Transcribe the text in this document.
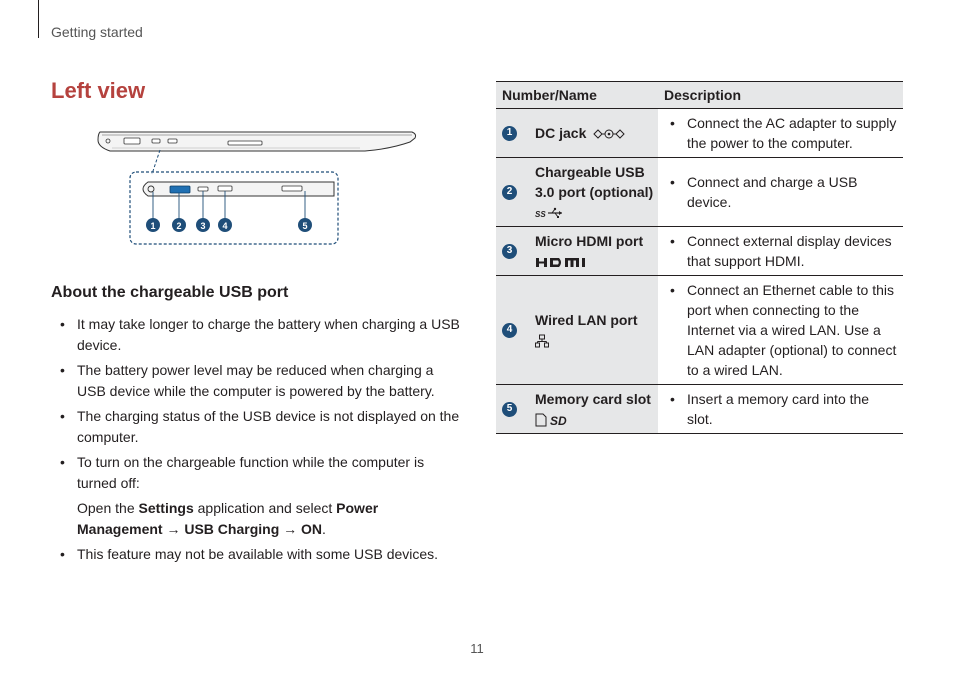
Getting started
Left view
1 2 3 4	5
About the chargeable USB port
• It may take longer to charge the battery when charging a USB device.
• The battery power level may be reduced when charging a USB device while the computer is powered by the battery.
• The charging status of the USB device is not displayed on the computer.
• To turn on the chargeable function while the computer is turned off:
Open the Settings application and select Power Management → USB Charging → ON.
• This feature may not be available with some USB devices.
Number/Name	Description

1 DC jack	• Connect the AC adapter to supply the power to the computer.

2
Chargeable USB 3.0 port (optional)

SS	• Connect and charge a USB device.

3
Micro HDMI port	• Connect external display devices that support HDMI.

4
Wired LAN port	• Connect an Ethernet cable to this port when connecting to the Internet via a wired LAN. Use a LAN adapter (optional) to connect to a wired LAN.

5
Memory card slot

SD	• Insert a memory card into the slot.
11
